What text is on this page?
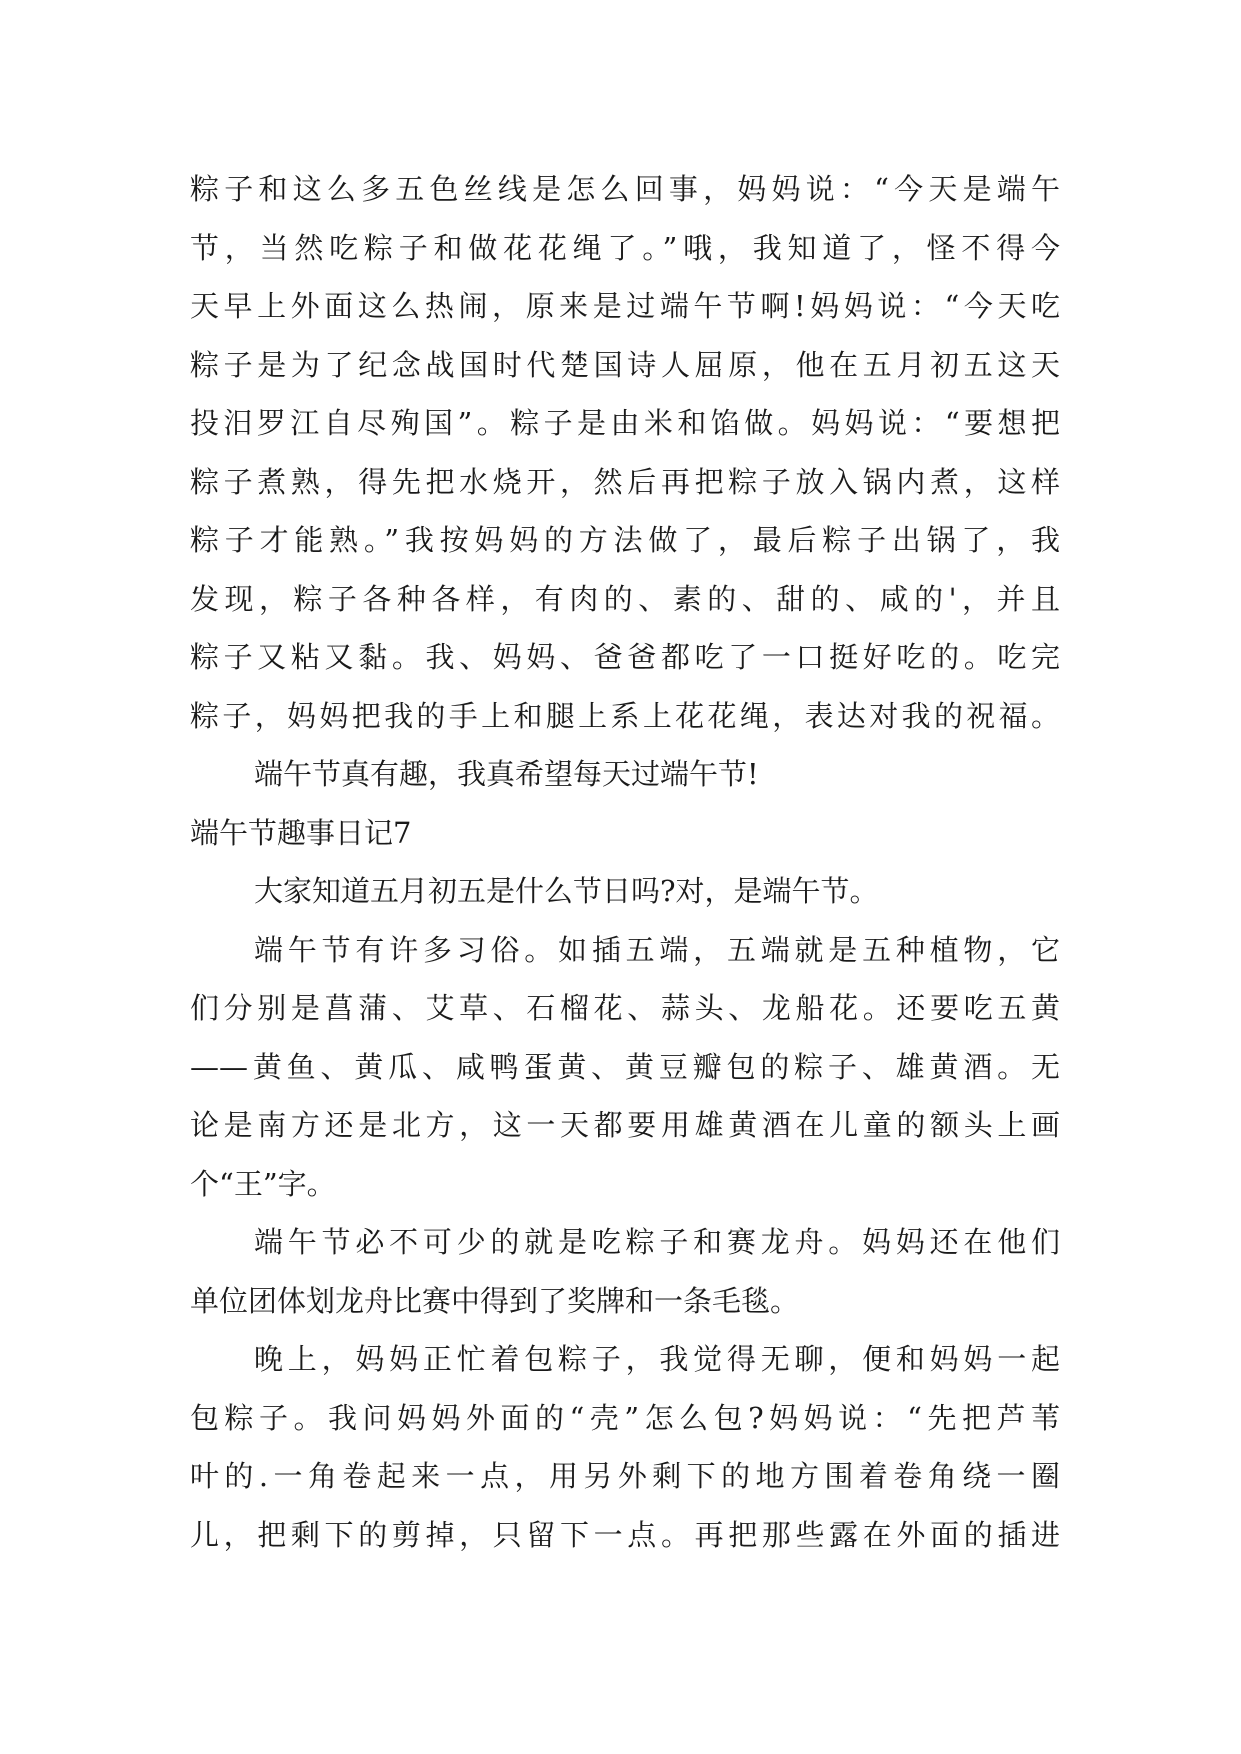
粽子和这么多五色丝线是怎么回事，妈妈说：“今天是端午
节，当然吃粽子和做花花绳了。”哦，我知道了，怪不得今
天早上外面这么热闹，原来是过端午节啊!妈妈说：“今天吃
粽子是为了纪念战国时代楚国诗人屈原，他在五月初五这天
投汨罗江自尽殉国”。粽子是由米和馅做。妈妈说：“要想把
粽子煮熟，得先把水烧开，然后再把粽子放入锅内煮，这样
粽子才能熟。”我按妈妈的方法做了，最后粽子出锅了，我
发现，粽子各种各样，有肉的、素的、甜的、咸的'，并且
粽子又粘又黏。我、妈妈、爸爸都吃了一口挺好吃的。吃完
粽子，妈妈把我的手上和腿上系上花花绳，表达对我的祝福。
端午节真有趣，我真希望每天过端午节!
端午节趣事日记7
大家知道五月初五是什么节日吗?对，是端午节。
端午节有许多习俗。如插五端，五端就是五种植物，它
们分别是菖蒲、艾草、石榴花、蒜头、龙船花。还要吃五黄
——黄鱼、黄瓜、咸鸭蛋黄、黄豆瓣包的粽子、雄黄酒。无
论是南方还是北方，这一天都要用雄黄酒在儿童的额头上画
个“王”字。
端午节必不可少的就是吃粽子和赛龙舟。妈妈还在他们
单位团体划龙舟比赛中得到了奖牌和一条毛毯。
晚上，妈妈正忙着包粽子，我觉得无聊，便和妈妈一起
包粽子。我问妈妈外面的“壳”怎么包?妈妈说：“先把芦苇
叶的.一角卷起来一点，用另外剩下的地方围着卷角绕一圈
儿，把剩下的剪掉，只留下一点。再把那些露在外面的插进
